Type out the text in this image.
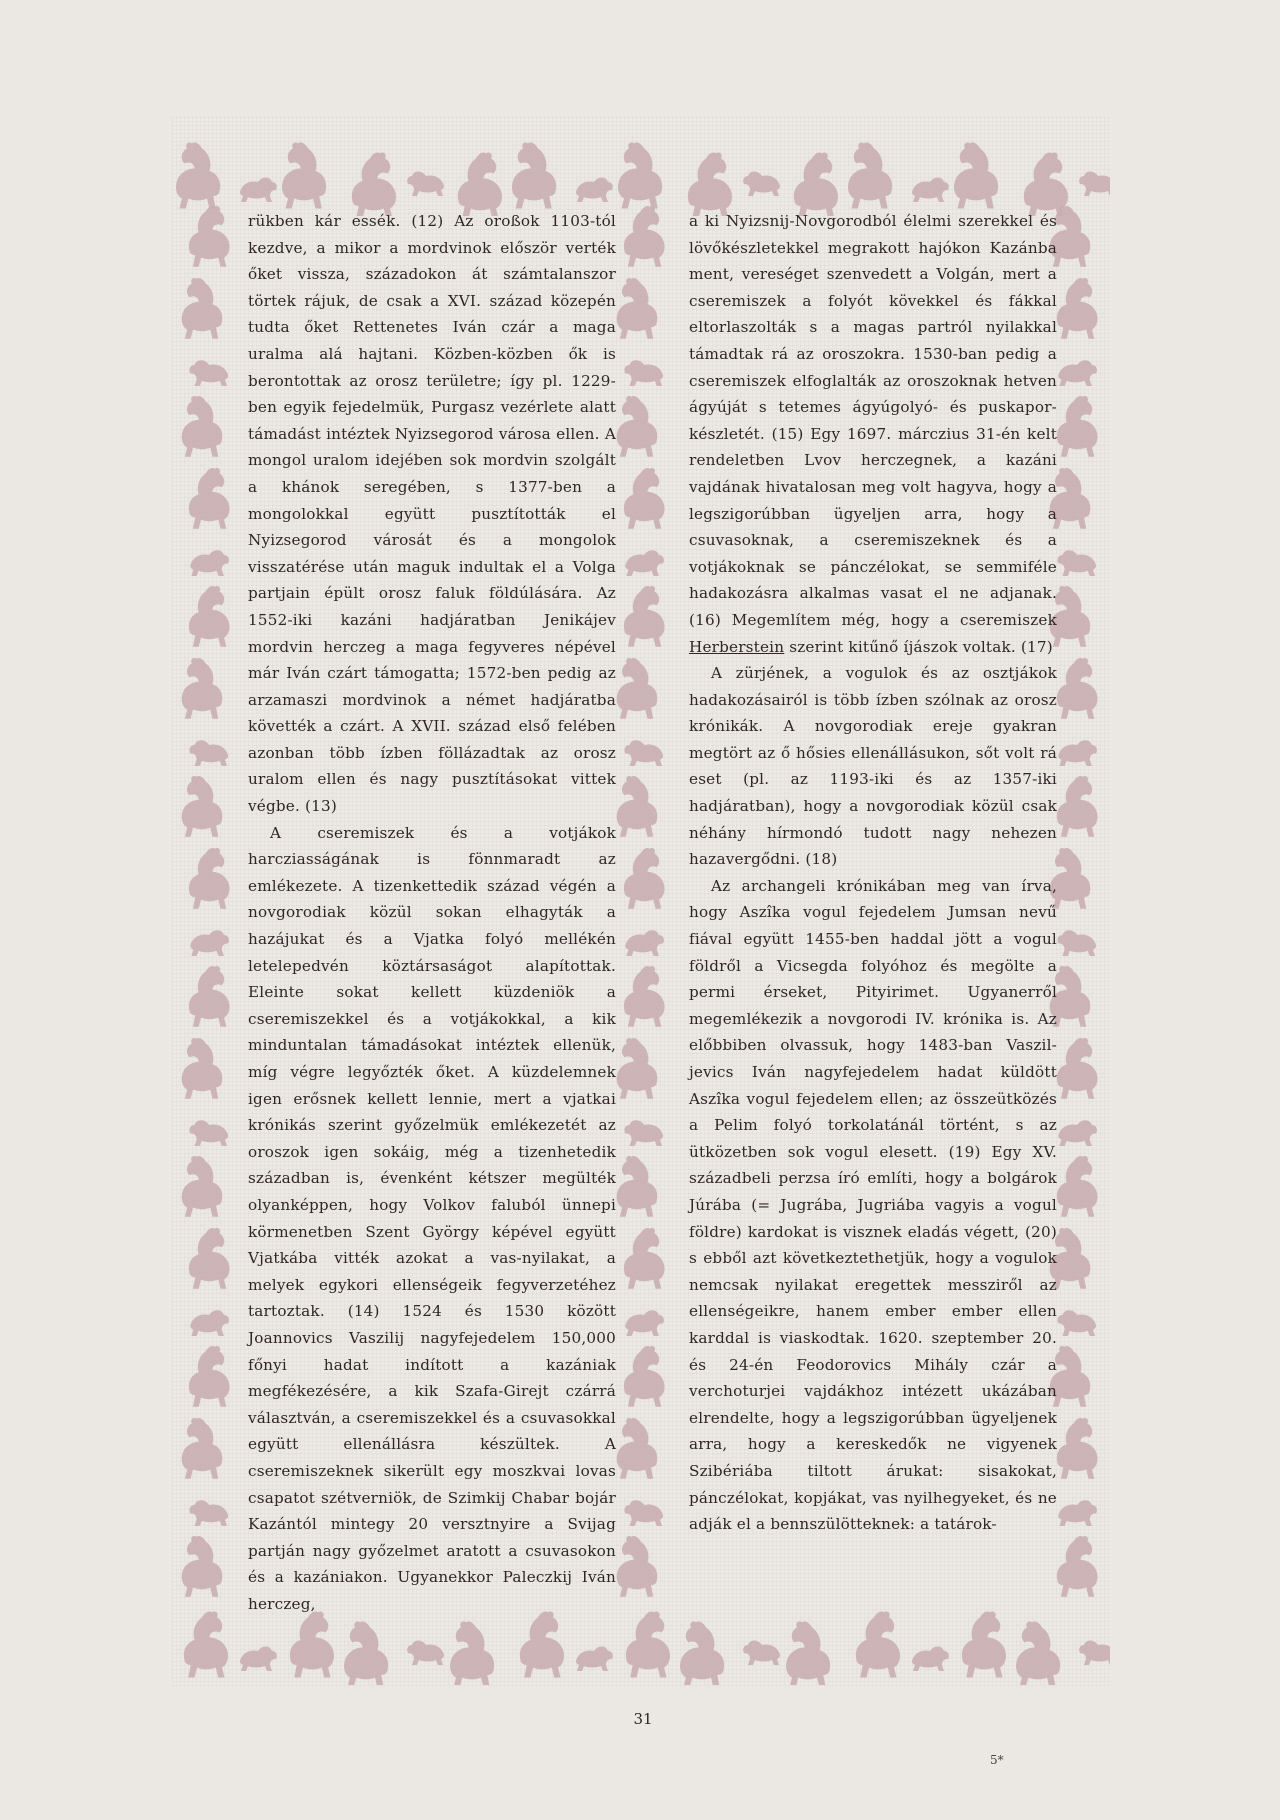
rükben kár essék. (12) Az oroßok 1103-tól kezdve, a mikor a mordvinok először verték őket vissza, századokon át számtalanszor törtek rájuk, de csak a XVI. század közepén tudta őket Rettenetes Iván czár a maga uralma alá hajtani. Közben-közben ők is berontottak az orosz területre; így pl. 1229-ben egyik fejedelmük, Purgasz vezérlete alatt támadást intéztek Nyizsegorod városa ellen. A mongol uralom idejében sok mordvin szolgált a khánok seregében, s 1377-ben a mongolokkal együtt pusztították el Nyizsegorod városát és a mongolok visszatérése után maguk indultak el a Volga partjain épült orosz faluk földúlására. Az 1552-iki kazáni hadjáratban Jenikájev mordvin herczeg a maga fegyveres népével már Iván czárt támogatta; 1572-ben pedig az arzamaszi mordvinok a német hadjáratba követték a czárt. A XVII. század első felében azonban több ízben föllázadtak az orosz uralom ellen és nagy pusztításokat vittek végbe. (13)

A cseremiszek és a votjákok harcziasságának is fönnmaradt az emlékezete. A tizenkettedik század végén a novgorodiak közül sokan elhagyták a hazájukat és a Vjatka folyó mellékén letelepedvén köztársaságot alapítottak. Eleinte sokat kellett küzdeniök a cseremiszekkel és a votjákokkal, a kik minduntalan támadásokat intéztek ellenük, míg végre legyőzték őket. A küzdelemnek igen erősnek kellett lennie, mert a vjatkai krónikás szerint győzelmük emlékezetét az oroszok igen sokáig, még a tizenhetedik században is, évenként kétszer megülték olyanképpen, hogy Volkov faluból ünnepi körmenetben Szent György képével együtt Vjatkába vitték azokat a vas-nyilakat, a melyek egykori ellenségeik fegyverzetéhez tartoztak. (14) 1524 és 1530 között Joannovics Vaszilij nagyfejedelem 150,000 főnyi hadat indított a kazániak megfékezésére, a kik Szafa-Girejt czárrá választván, a cseremiszekkel és a csuvasokkal együtt ellenállásra készültek. A cseremiszeknek sikerült egy moszkvai lovas csapatot szétverniök, de Szimkij Chabar bojár Kazántól mintegy 20 versztnyire a Svijag partján nagy győzelmet aratott a csuvasokon és a kazániakon. Ugyanekkor Paleczkij Iván herczeg,

a ki Nyizsnij-Novgorodból élelmi szerekkel és lövőkészletekkel megrakott hajókon Kazánba ment, vereséget szenvedett a Volgán, mert a cseremiszek a folyót kövekkel és fákkal eltorlaszolták s a magas partról nyilakkal támadtak rá az oroszokra. 1530-ban pedig a cseremiszek elfoglalták az oroszoknak hetven ágyúját s tetemes ágyúgolyó- és puskapor-készletét. (15) Egy 1697. márczius 31-én kelt rendeletben Lvov herczegnek, a kazáni vajdának hivatalosan meg volt hagyva, hogy a legszigorúbban ügyeljen arra, hogy a csuvasoknak, a cseremiszeknek és a votjákoknak se pánczélokat, se semmiféle hadakozásra alkalmas vasat el ne adjanak. (16) Megemlítem még, hogy a cseremiszek Herberstein szerint kitűnő íjászok voltak. (17)

A zürjének, a vogulok és az osztjákok hadakozásairól is több ízben szólnak az orosz krónikák. A novgorodiak ereje gyakran megtört az ő hősies ellenállásukon, sőt volt rá eset (pl. az 1193-iki és az 1357-iki hadjáratban), hogy a novgorodiak közül csak néhány hírmondó tudott nagy nehezen hazavergődni. (18)

Az archangeli krónikában meg van írva, hogy Aszîka vogul fejedelem Jumsan nevű fiával együtt 1455-ben haddal jött a vogul földről a Vicsegda folyóhoz és megölte a permi érseket, Pityirimet. Ugyanerről megemlékezik a novgorodi IV. krónika is. Az előbbiben olvassuk, hogy 1483-ban Vaszil-jevics Iván nagyfejedelem hadat küldött Aszîka vogul fejedelem ellen; az összeütközés a Pelim folyó torkolatánál történt, s az ütközetben sok vogul elesett. (19) Egy XV. századbeli perzsa író említi, hogy a bolgárok Júrába (= Jugrába, Jugriába vagyis a vogul földre) kardokat is visznek eladás végett, (20) s ebből azt következtethetjük, hogy a vogulok nemcsak nyilakat eregettek messziről az ellenségeikre, hanem ember ember ellen karddal is viaskodtak. 1620. szeptember 20. és 24-én Feodorovics Mihály czár a verchoturjei vajdákhoz intézett ukázában elrendelte, hogy a legszigorúbban ügyeljenek arra, hogy a kereskedők ne vigyenek Szibériába tiltott árukat: sisakokat, pánczélokat, kopjákat, vas nyilhegyeket, és ne adják el a bennszülötteknek: a tatárok-

31
5*
